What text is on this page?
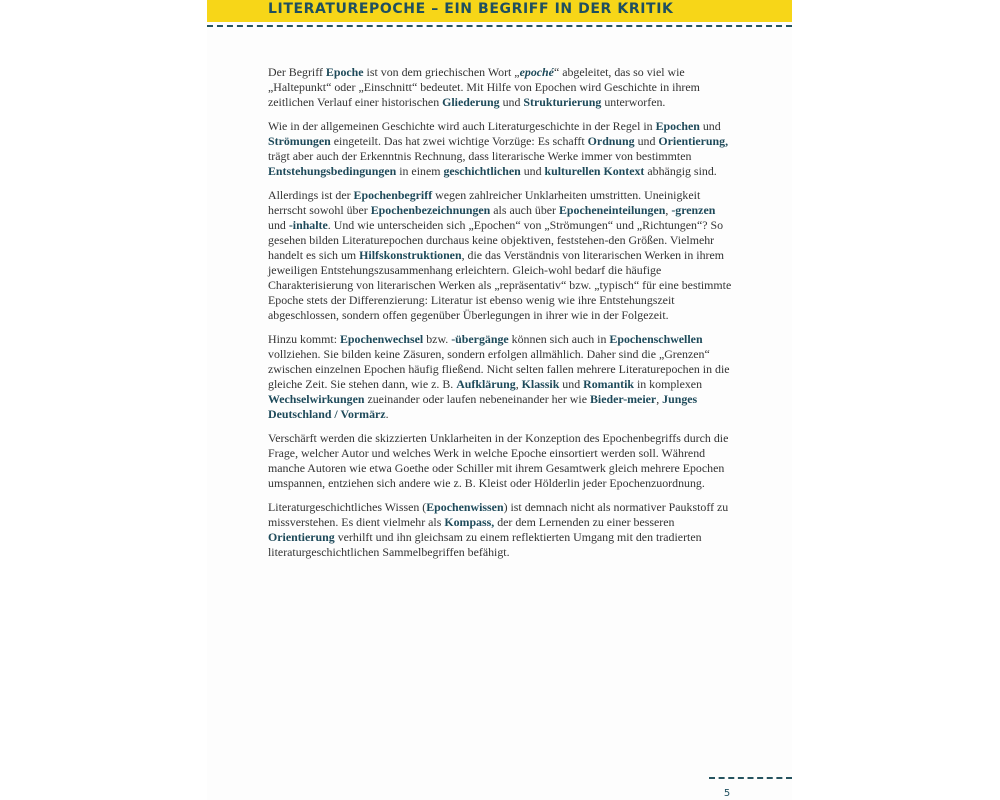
LITERATUREPOCHE – EIN BEGRIFF IN DER KRITIK

Der Begriff Epoche ist von dem griechischen Wort „epoché“ abgeleitet, das so viel wie „Haltepunkt“ oder „Einschnitt“ bedeutet. Mit Hilfe von Epochen wird Geschichte in ihrem zeitlichen Verlauf einer historischen Gliederung und Strukturierung unterworfen.

Wie in der allgemeinen Geschichte wird auch Literaturgeschichte in der Regel in Epochen und Strömungen eingeteilt. Das hat zwei wichtige Vorzüge: Es schafft Ordnung und Orientierung, trägt aber auch der Erkenntnis Rechnung, dass literarische Werke immer von bestimmten Entstehungsbedingungen in einem geschichtlichen und kulturellen Kontext abhängig sind.

Allerdings ist der Epochenbegriff wegen zahlreicher Unklarheiten umstritten. Uneinigkeit herrscht sowohl über Epochenbezeichnungen als auch über Epocheneinteilungen, -grenzen und -inhalte. Und wie unterscheiden sich „Epochen“ von „Strömungen“ und „Richtungen“? So gesehen bilden Literaturepochen durchaus keine objektiven, feststehen-den Größen. Vielmehr handelt es sich um Hilfskonstruktionen, die das Verständnis von literarischen Werken in ihrem jeweiligen Entstehungszusammenhang erleichtern. Gleich-wohl bedarf die häufige Charakterisierung von literarischen Werken als „repräsentativ“ bzw. „typisch“ für eine bestimmte Epoche stets der Differenzierung: Literatur ist ebenso wenig wie ihre Entstehungszeit abgeschlossen, sondern offen gegenüber Überlegungen in ihrer wie in der Folgezeit.

Hinzu kommt: Epochenwechsel bzw. -übergänge können sich auch in Epochenschwellen vollziehen. Sie bilden keine Zäsuren, sondern erfolgen allmählich. Daher sind die „Grenzen“ zwischen einzelnen Epochen häufig fließend. Nicht selten fallen mehrere Literaturepochen in die gleiche Zeit. Sie stehen dann, wie z. B. Aufklärung, Klassik und Romantik in komplexen Wechselwirkungen zueinander oder laufen nebeneinander her wie Bieder-meier, Junges Deutschland / Vormärz.

Verschärft werden die skizzierten Unklarheiten in der Konzeption des Epochenbegriffs durch die Frage, welcher Autor und welches Werk in welche Epoche einsortiert werden soll. Während manche Autoren wie etwa Goethe oder Schiller mit ihrem Gesamtwerk gleich mehrere Epochen umspannen, entziehen sich andere wie z. B. Kleist oder Hölderlin jeder Epochenzuordnung.

Literaturgeschichtliches Wissen (Epochenwissen) ist demnach nicht als normativer Paukstoff zu missverstehen. Es dient vielmehr als Kompass, der dem Lernenden zu einer besseren Orientierung verhilft und ihn gleichsam zu einem reflektierten Umgang mit den tradierten literaturgeschichtlichen Sammelbegriffen befähigt.

5
